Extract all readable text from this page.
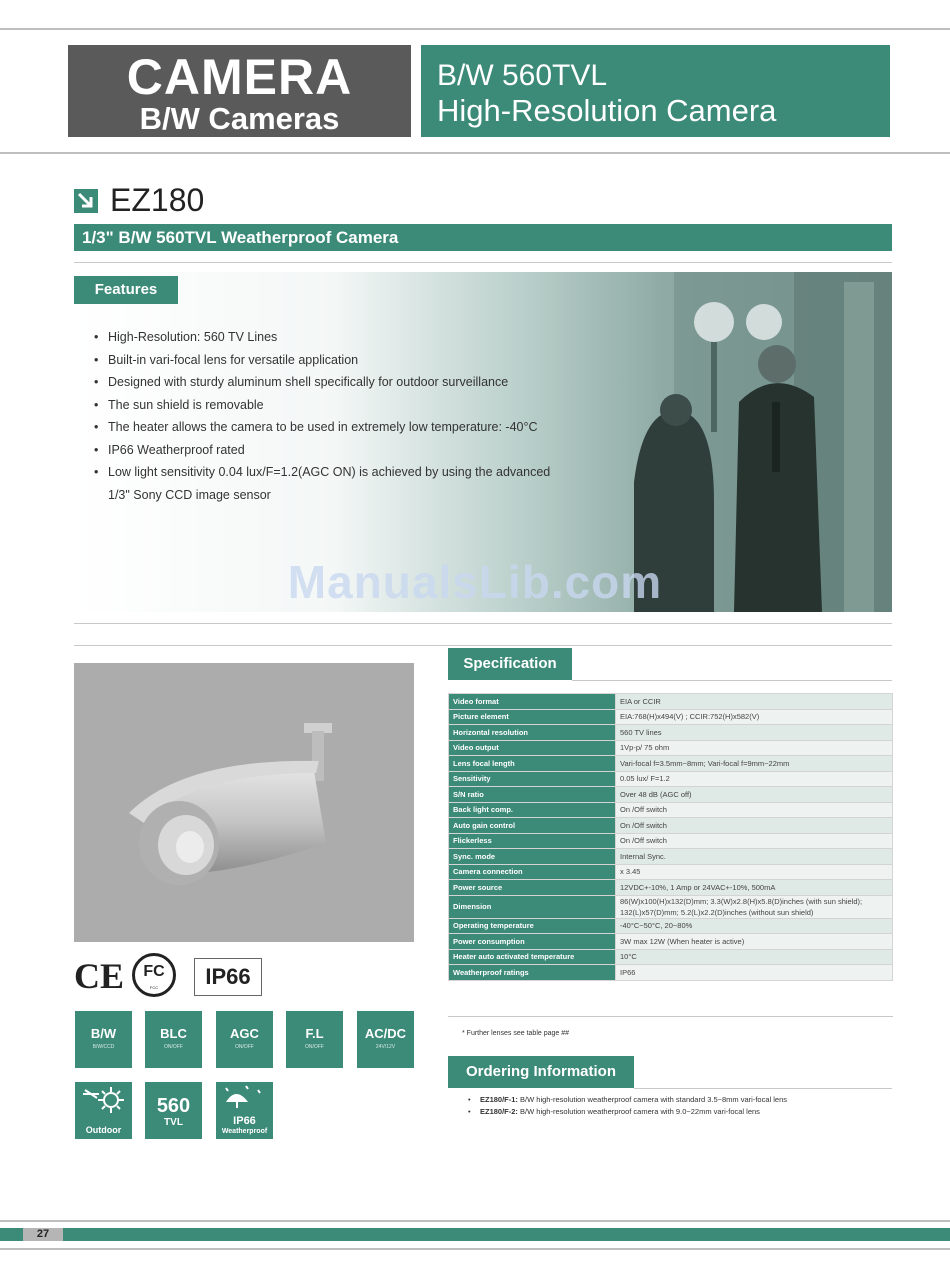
CAMERA
B/W Cameras
B/W 560TVL
High-Resolution Camera
EZ180
1/3" B/W 560TVL Weatherproof Camera
Features
• High-Resolution: 560 TV Lines
• Built-in vari-focal lens for versatile application
• Designed with sturdy aluminum shell specifically for outdoor surveillance
• The sun shield is removable
• The heater allows the camera to be used in extremely low temperature: -40°C
• IP66 Weatherproof rated
• Low light sensitivity 0.04 lux/F=1.2(AGC ON) is achieved by using the advanced 1/3" Sony CCD image sensor
ManualsLib.com
CE	FC
FCC	IP66
B/W
B/W/CCD
BLC
ON/OFF
AGC
ON/OFF
F.L
ON/OFF
AC/DC
24V/12V
Outdoor
560
TVL	IP66
Weatherproof
Specification
Video format	EIA or CCIR
Picture element	EIA:768(H)x494(V) ; CCIR:752(H)x582(V)
Horizontal resolution	560 TV lines
Video output	1Vp-p/ 75 ohm
Lens focal length	Vari-focal f=3.5mm~8mm; Vari-focal f=9mm~22mm
Sensitivity	0.05 lux/ F=1.2
S/N ratio	Over 48 dB (AGC off)
Back light comp.	On /Off switch
Auto gain control	On /Off switch
Flickerless	On /Off switch
Sync. mode	Internal Sync.
Camera connection	x 3.45
Power source	12VDC+-10%, 1 Amp or 24VAC+-10%, 500mA
Dimension	86(W)x100(H)x132(D)mm; 3.3(W)x2.8(H)x5.8(D)inches (with sun shield); 132(L)x57(D)mm; 5.2(L)x2.2(D)inches (without sun shield)
Operating temperature	-40°C~50°C, 20~80%
Power consumption	3W max 12W (When heater is active)
Heater auto activated temperature	10°C
Weatherproof ratings	IP66
* Further lenses see table page ##
Ordering Information
• EZ180/F-1: B/W high-resolution weatherproof camera with standard 3.5~8mm vari-focal lens
• EZ180/F-2: B/W high-resolution weatherproof camera with 9.0~22mm vari-focal lens
27
